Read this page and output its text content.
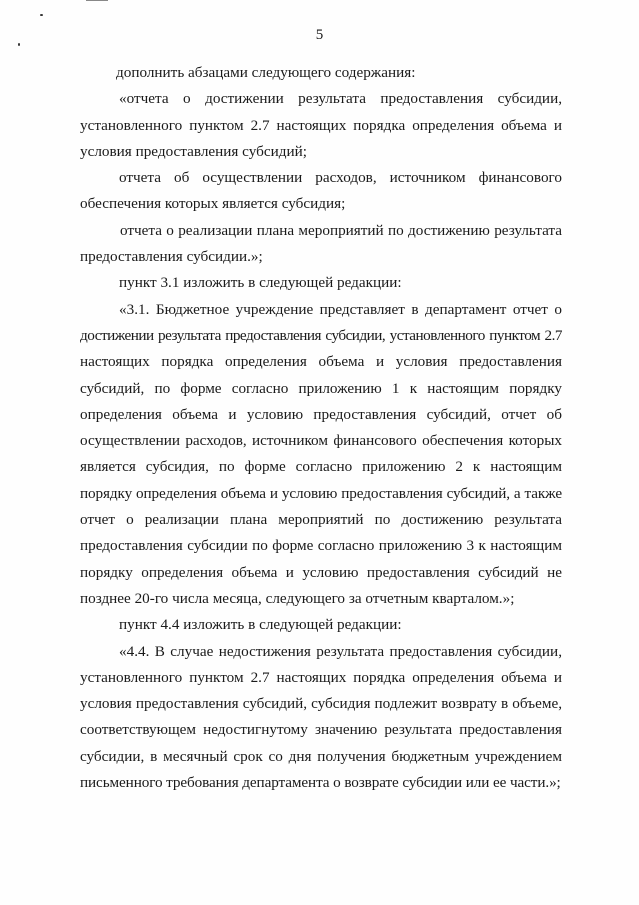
5
дополнить абзацами следующего содержания:
«отчета о достижении результата предоставления субсидии,
установленного пунктом 2.7 настоящих порядка определения объема и
условия предоставления субсидий;
отчета об осуществлении расходов, источником финансового
обеспечения которых является субсидия;
отчета о реализации плана мероприятий по достижению результата
предоставления субсидии.»;
пункт 3.1 изложить в следующей редакции:
«3.1. Бюджетное учреждение представляет в департамент отчет о
достижении результата предоставления субсидии, установленного пунктом 2.7
настоящих порядка определения объема и условия предоставления
субсидий, по форме согласно приложению 1 к настоящим порядку
определения объема и условию предоставления субсидий, отчет об
осуществлении расходов, источником финансового обеспечения которых
является субсидия, по форме согласно приложению 2 к настоящим
порядку определения объема и условию предоставления субсидий, а также
отчет о реализации плана мероприятий по достижению результата
предоставления субсидии по форме согласно приложению 3 к настоящим
порядку определения объема и условию предоставления субсидий не
позднее 20-го числа месяца, следующего за отчетным кварталом.»;
пункт 4.4 изложить в следующей редакции:
«4.4. В случае недостижения результата предоставления субсидии,
установленного пунктом 2.7 настоящих порядка определения объема и
условия предоставления субсидий, субсидия подлежит возврату в объеме,
соответствующем недостигнутому значению результата предоставления
субсидии, в месячный срок со дня получения бюджетным учреждением
письменного требования департамента о возврате субсидии или ее части.»;
